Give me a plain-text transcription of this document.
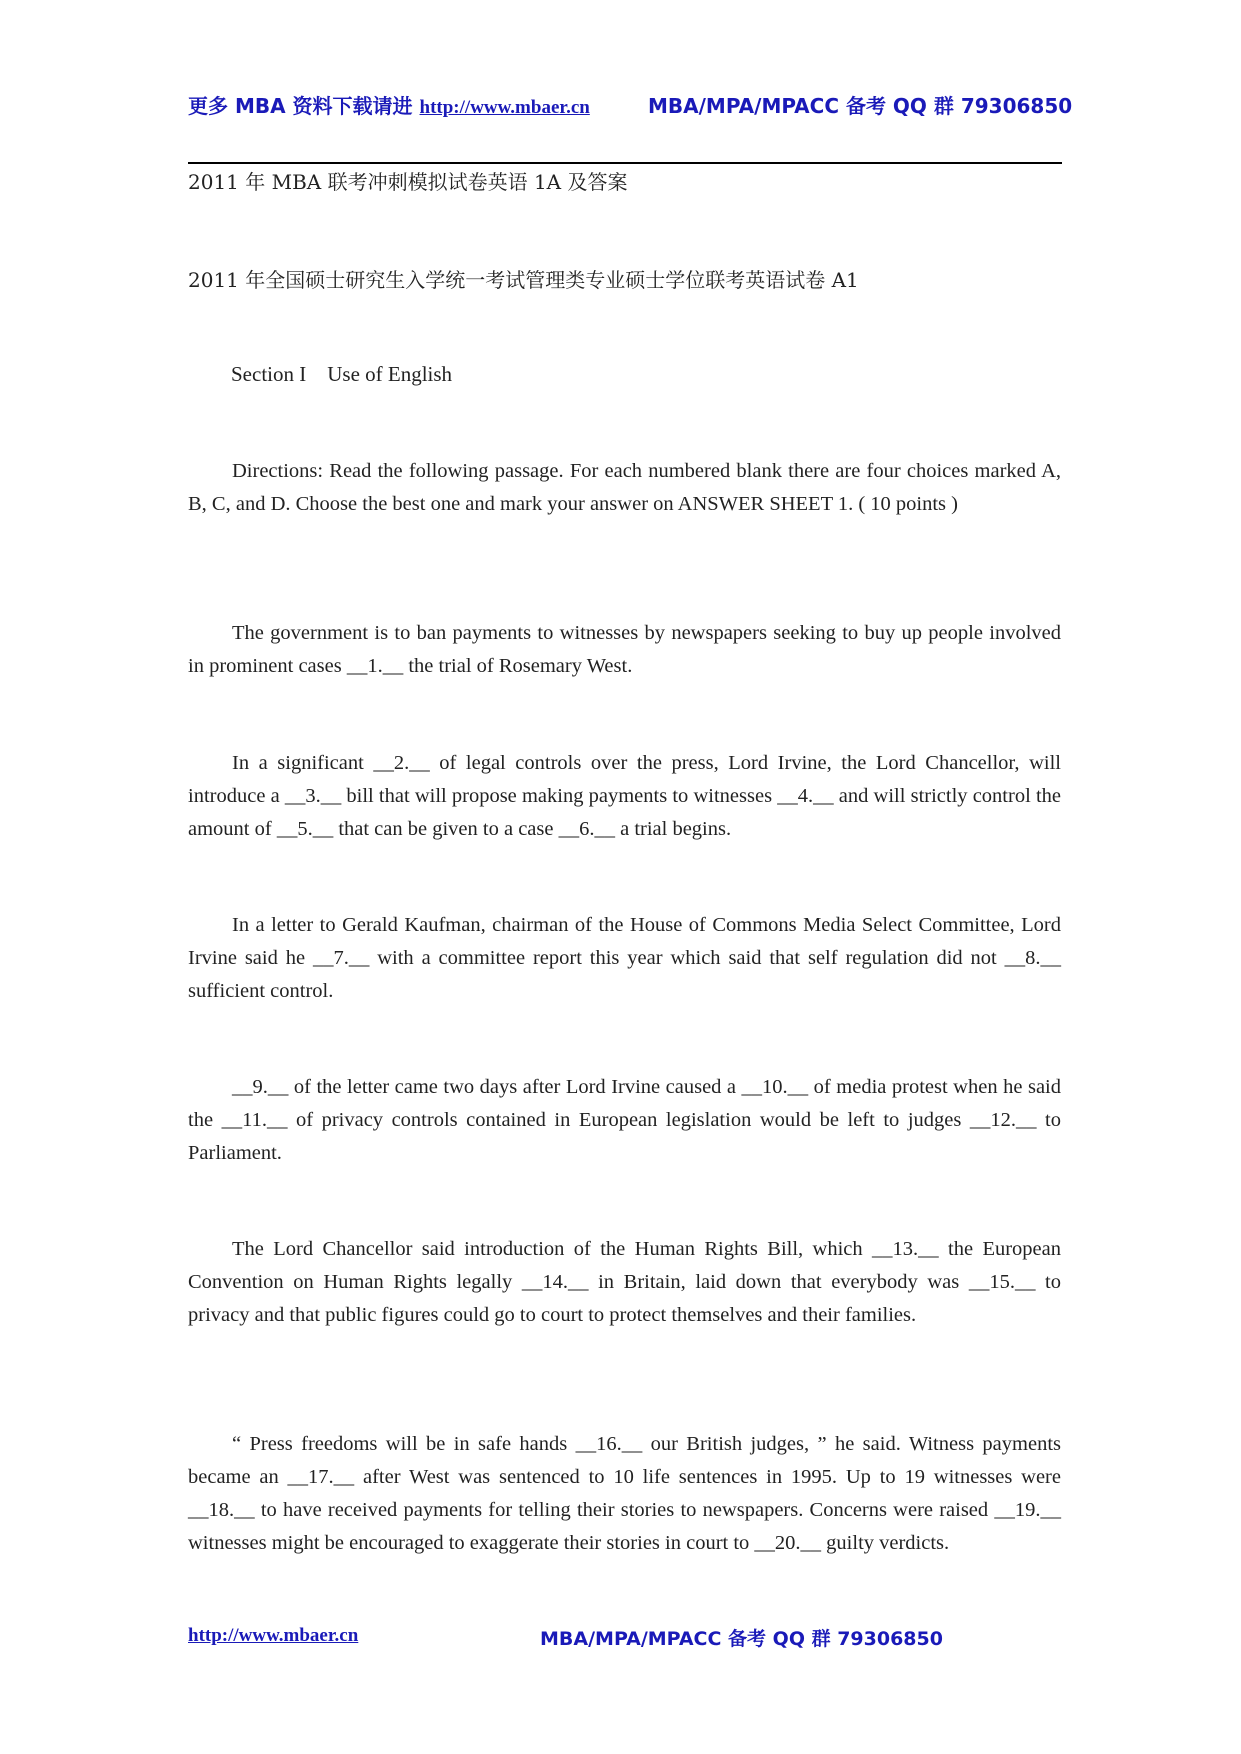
更多 MBA 资料下载请进 http://www.mbaer.cn	MBA/MPA/MPACC 备考 QQ 群 79306850
2011 年 MBA 联考冲刺模拟试卷英语 1A 及答案
2011 年全国硕士研究生入学统一考试管理类专业硕士学位联考英语试卷 A1
Section I    Use of English
Directions: Read the following passage. For each numbered blank there are four choices marked A, B, C, and D. Choose the best one and mark your answer on ANSWER SHEET 1. ( 10 points )
The government is to ban payments to witnesses by newspapers seeking to buy up people involved in prominent cases __1.__ the trial of Rosemary West.
In a significant __2.__ of legal controls over the press, Lord Irvine, the Lord Chancellor, will introduce a __3.__ bill that will propose making payments to witnesses __4.__ and will strictly control the amount of __5.__ that can be given to a case __6.__ a trial begins.
In a letter to Gerald Kaufman, chairman of the House of Commons Media Select Committee, Lord Irvine said he __7.__ with a committee report this year which said that self regulation did not __8.__ sufficient control.
__9.__ of the letter came two days after Lord Irvine caused a __10.__ of media protest when he said the __11.__ of privacy controls contained in European legislation would be left to judges __12.__ to Parliament.
The Lord Chancellor said introduction of the Human Rights Bill, which __13.__ the European Convention on Human Rights legally __14.__ in Britain, laid down that everybody was __15.__ to privacy and that public figures could go to court to protect themselves and their families.
“ Press freedoms will be in safe hands __16.__ our British judges, ” he said. Witness payments became an __17.__ after West was sentenced to 10 life sentences in 1995. Up to 19 witnesses were __18.__ to have received payments for telling their stories to newspapers. Concerns were raised __19.__ witnesses might be encouraged to exaggerate their stories in court to __20.__ guilty verdicts.
http://www.mbaer.cn	MBA/MPA/MPACC 备考 QQ 群 79306850
